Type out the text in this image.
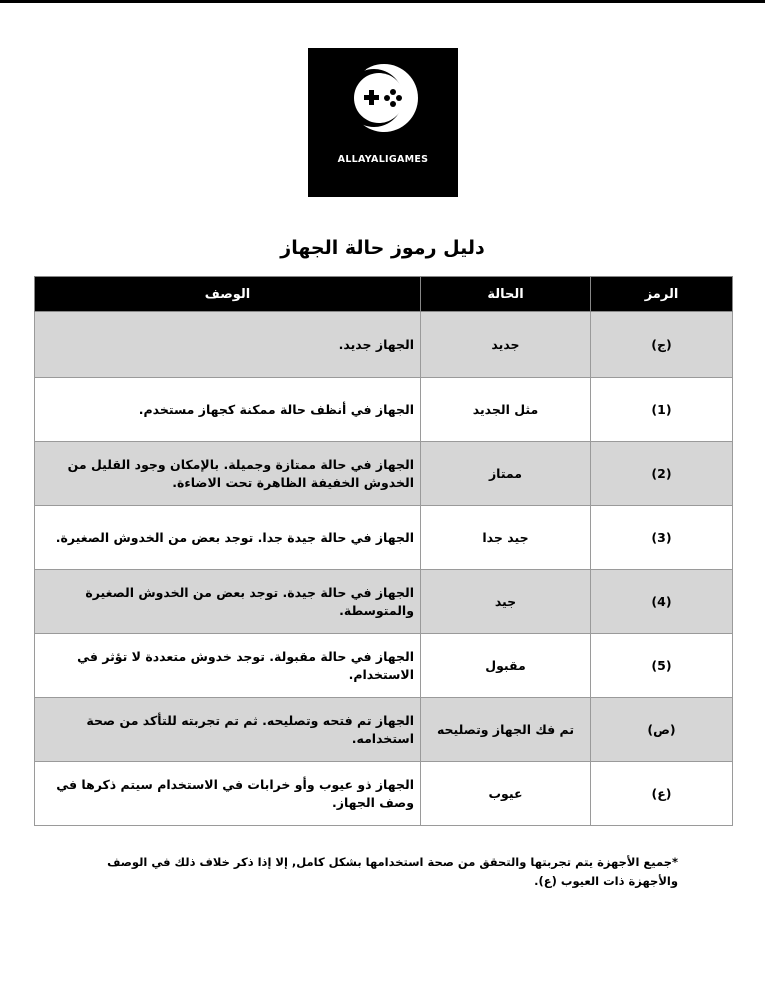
ALLAYALIGAMES
دليل رموز حالة الجهاز
الرمز	الحالة	الوصف
(ج)	جديد	الجهاز جديد.
(1)	مثل الجديد	الجهاز في أنظف حالة ممكنة كجهاز مستخدم.
(2)	ممتاز	الجهاز في حالة ممتازة وجميلة. بالإمكان وجود القليل من الخدوش الخفيفة الظاهرة تحت الاضاءة.
(3)	جيد جدا	الجهاز في حالة جيدة جدا. توجد بعض من الخدوش الصغيرة.
(4)	جيد	الجهاز في حالة جيدة. توجد بعض من الخدوش الصغيرة والمتوسطة.
(5)	مقبول	الجهاز في حالة مقبولة. توجد خدوش متعددة لا تؤثر في الاستخدام.
(ص)	تم فك الجهاز وتصليحه	الجهاز تم فتحه وتصليحه. ثم تم تجربته للتأكد من صحة استخدامه.
(ع)	عيوب	الجهاز ذو عيوب وأو خرابات في الاستخدام سيتم ذكرها في وصف الجهاز.
*جميع الأجهزة يتم تجربتها والتحقق من صحة استخدامها بشكل كامل, إلا إذا ذكر خلاف ذلك في الوصف والأجهزة ذات العيوب (ع).
